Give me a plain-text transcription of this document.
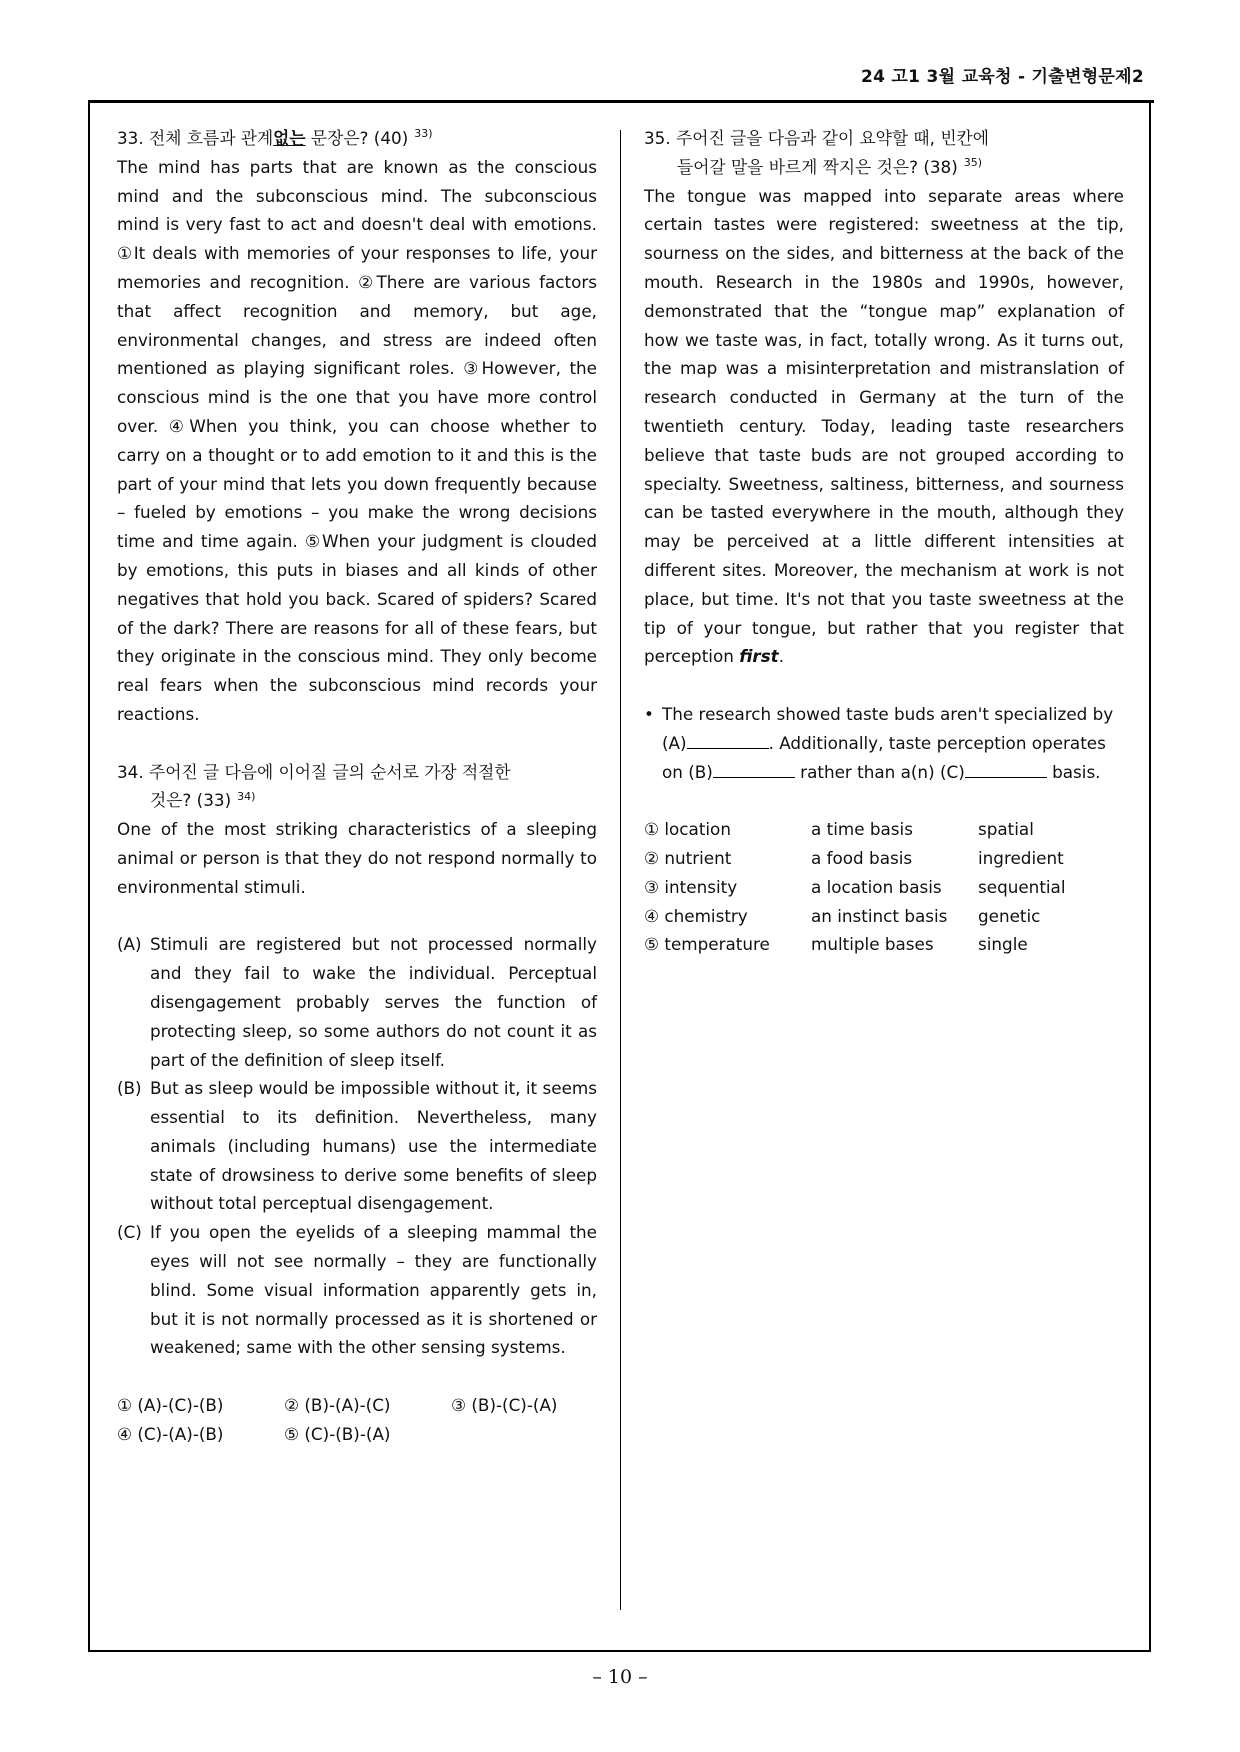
24 고1 3월 교육청 - 기출변형문제2
33. 전체 흐름과 관계없는 문장은? (40) $^{33)}$

The mind has parts that are known as the conscious mind and the subconscious mind. The subconscious mind is very fast to act and doesn't deal with emotions. ①It deals with memories of your responses to life, your memories and recognition. ②There are various factors that affect recognition and memory, but age, environmental changes, and stress are indeed often mentioned as playing significant roles. ③However, the conscious mind is the one that you have more control over. ④When you think, you can choose whether to carry on a thought or to add emotion to it and this is the part of your mind that lets you down frequently because – fueled by emotions – you make the wrong decisions time and time again. ⑤When your judgment is clouded by emotions, this puts in biases and all kinds of other negatives that hold you back. Scared of spiders? Scared of the dark? There are reasons for all of these fears, but they originate in the conscious mind. They only become real fears when the subconscious mind records your reactions.

34. 주어진 글 다음에 이어질 글의 순서로 가장 적절한
것은? (33) $^{34)}$

One of the most striking characteristics of a sleeping animal or person is that they do not respond normally to environmental stimuli.

(A) Stimuli are registered but not processed normally and they fail to wake the individual. Perceptual disengagement probably serves the function of protecting sleep, so some authors do not count it as part of the definition of sleep itself.
(B) But as sleep would be impossible without it, it seems essential to its definition. Nevertheless, many animals (including humans) use the intermediate state of drowsiness to derive some benefits of sleep without total perceptual disengagement.
(C) If you open the eyelids of a sleeping mammal the eyes will not see normally – they are functionally blind. Some visual information apparently gets in, but it is not normally processed as it is shortened or weakened; same with the other sensing systems.
① (A)-(C)-(B)	② (B)-(A)-(C)	③ (B)-(C)-(A)
④ (C)-(A)-(B)	⑤ (C)-(B)-(A)
35. 주어진 글을 다음과 같이 요약할 때, 빈칸에
들어갈 말을 바르게 짝지은 것은? (38) $^{35)}$

The tongue was mapped into separate areas where certain tastes were registered: sweetness at the tip, sourness on the sides, and bitterness at the back of the mouth. Research in the 1980s and 1990s, however, demonstrated that the “tongue map” explanation of how we taste was, in fact, totally wrong. As it turns out, the map was a misinterpretation and mistranslation of research conducted in Germany at the turn of the twentieth century. Today, leading taste researchers believe that taste buds are not grouped according to specialty. Sweetness, saltiness, bitterness, and sourness can be tasted everywhere in the mouth, although they may be perceived at a little different intensities at different sites. Moreover, the mechanism at work is not place, but time. It's not that you taste sweetness at the tip of your tongue, but rather that you register that perception first.

• The research showed taste buds aren't specialized by (A)	. Additionally, taste perception operates on (B)	rather than a(n) (C)	basis.
① location	a time basis	spatial
② nutrient	a food basis	ingredient
③ intensity	a location basis	sequential
④ chemistry	an instinct basis	genetic
⑤ temperature	multiple bases	single
– 10 –
